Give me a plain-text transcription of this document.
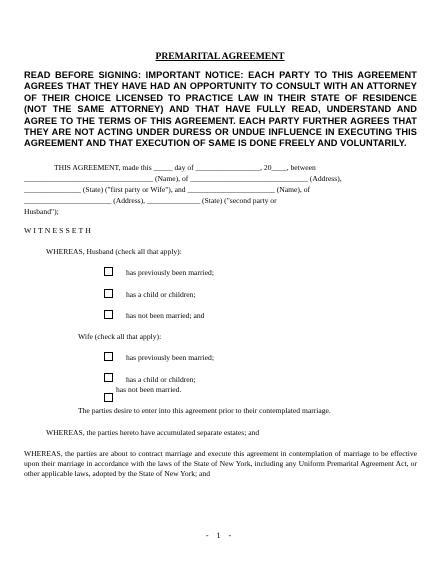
PREMARITAL AGREEMENT
READ BEFORE SIGNING: IMPORTANT NOTICE: EACH PARTY TO THIS AGREEMENT AGREES THAT THEY HAVE HAD AN OPPORTUNITY TO CONSULT WITH AN ATTORNEY OF THEIR CHOICE LICENSED TO PRACTICE LAW IN THEIR STATE OF RESIDENCE (NOT THE SAME ATTORNEY) AND THAT HAVE FULLY READ, UNDERSTAND AND AGREE TO THE TERMS OF THIS AGREEMENT. EACH PARTY FURTHER AGREES THAT THEY ARE NOT ACTING UNDER DURESS OR UNDUE INFLUENCE IN EXECUTING THIS AGREEMENT AND THAT EXECUTION OF SAME IS DONE FREELY AND VOLUNTARILY.
THIS AGREEMENT, made this _____ day of _________________, 20____, between
__________________________________ (Name), of _______________________________ (Address),
_______________ (State) ("first party or Wife"), and _______________________ (Name), of
_______________________ (Address), ______________ (State) ("second party or
Husband");
WITNESSETH
WHEREAS, Husband (check all that apply):
has previously been married;
has a child or children;
has not been married; and
Wife (check all that apply):
has previously been married;
has a child or children;
has not been married.
The parties desire to enter into this agreement prior to their contemplated marriage.
WHEREAS, the parties hereto have accumulated separate estates; and
WHEREAS, the parties are about to contract marriage and execute this agreement in contemplation of marriage to be effective upon their marriage in accordance with the laws of the State of New York, including any Uniform Premarital Agreement Act, or other applicable laws, adopted by the State of New York; and
- 1 -
